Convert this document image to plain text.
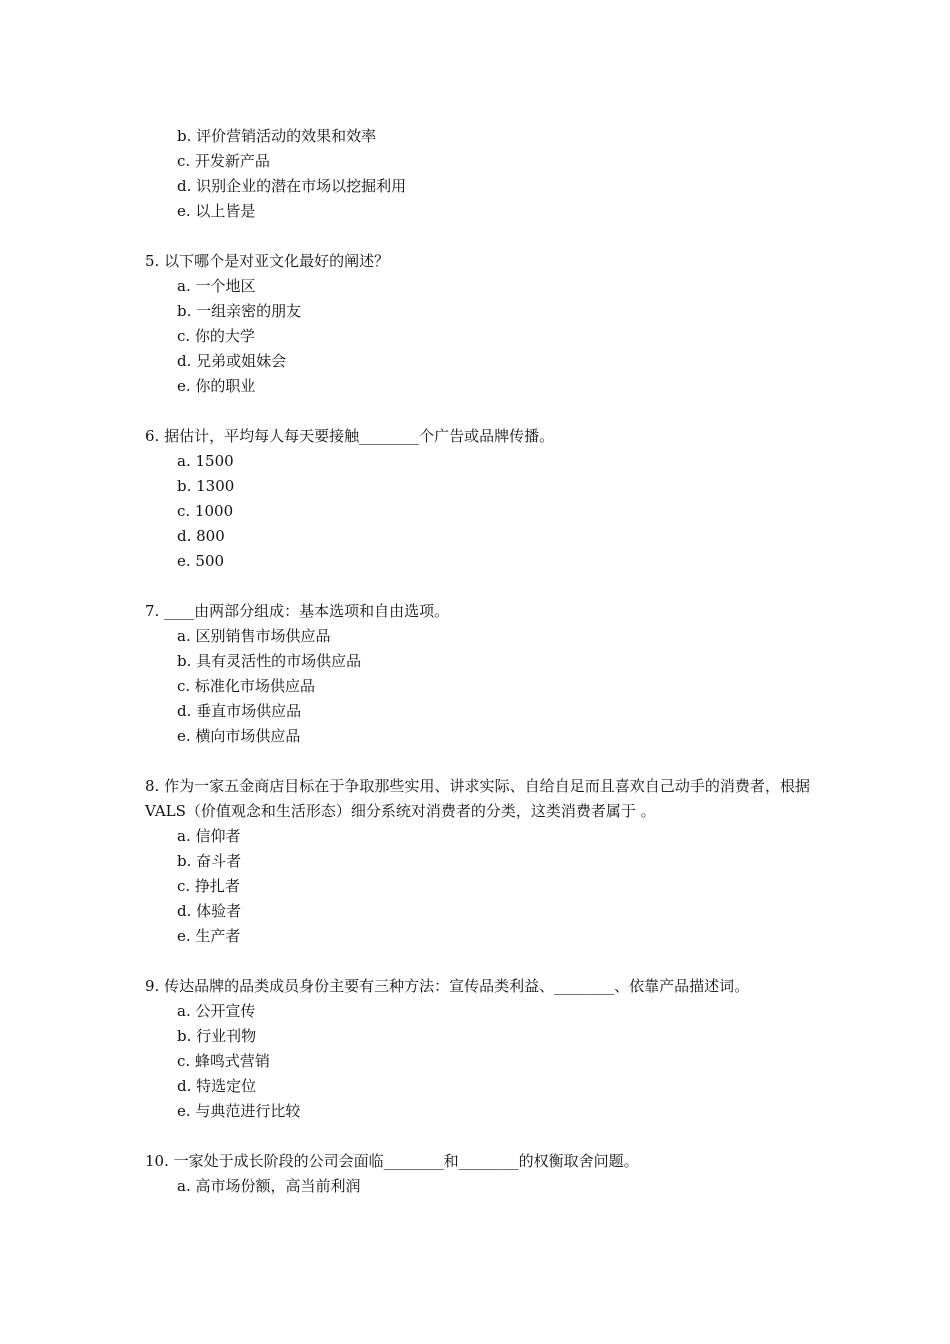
b. 评价营销活动的效果和效率
c. 开发新产品
d. 识别企业的潜在市场以挖掘利用
e. 以上皆是
5. 以下哪个是对亚文化最好的阐述？
a. 一个地区
b. 一组亲密的朋友
c. 你的大学
d. 兄弟或姐妹会
e. 你的职业
6. 据估计，平均每人每天要接触________个广告或品牌传播。
a. 1500
b. 1300
c. 1000
d. 800
e. 500
7. ____由两部分组成：基本选项和自由选项。
a. 区别销售市场供应品
b. 具有灵活性的市场供应品
c. 标准化市场供应品
d. 垂直市场供应品
e. 横向市场供应品
8. 作为一家五金商店目标在于争取那些实用、讲求实际、自给自足而且喜欢自己动手的消费者，根据 VALS（价值观念和生活形态）细分系统对消费者的分类，这类消费者属于 。
a. 信仰者
b. 奋斗者
c. 挣扎者
d. 体验者
e. 生产者
9. 传达品牌的品类成员身份主要有三种方法：宣传品类利益、________、依靠产品描述词。
a. 公开宣传
b. 行业刊物
c. 蜂鸣式营销
d. 特选定位
e. 与典范进行比较
10. 一家处于成长阶段的公司会面临________和________的权衡取舍问题。
a. 高市场份额，高当前利润
